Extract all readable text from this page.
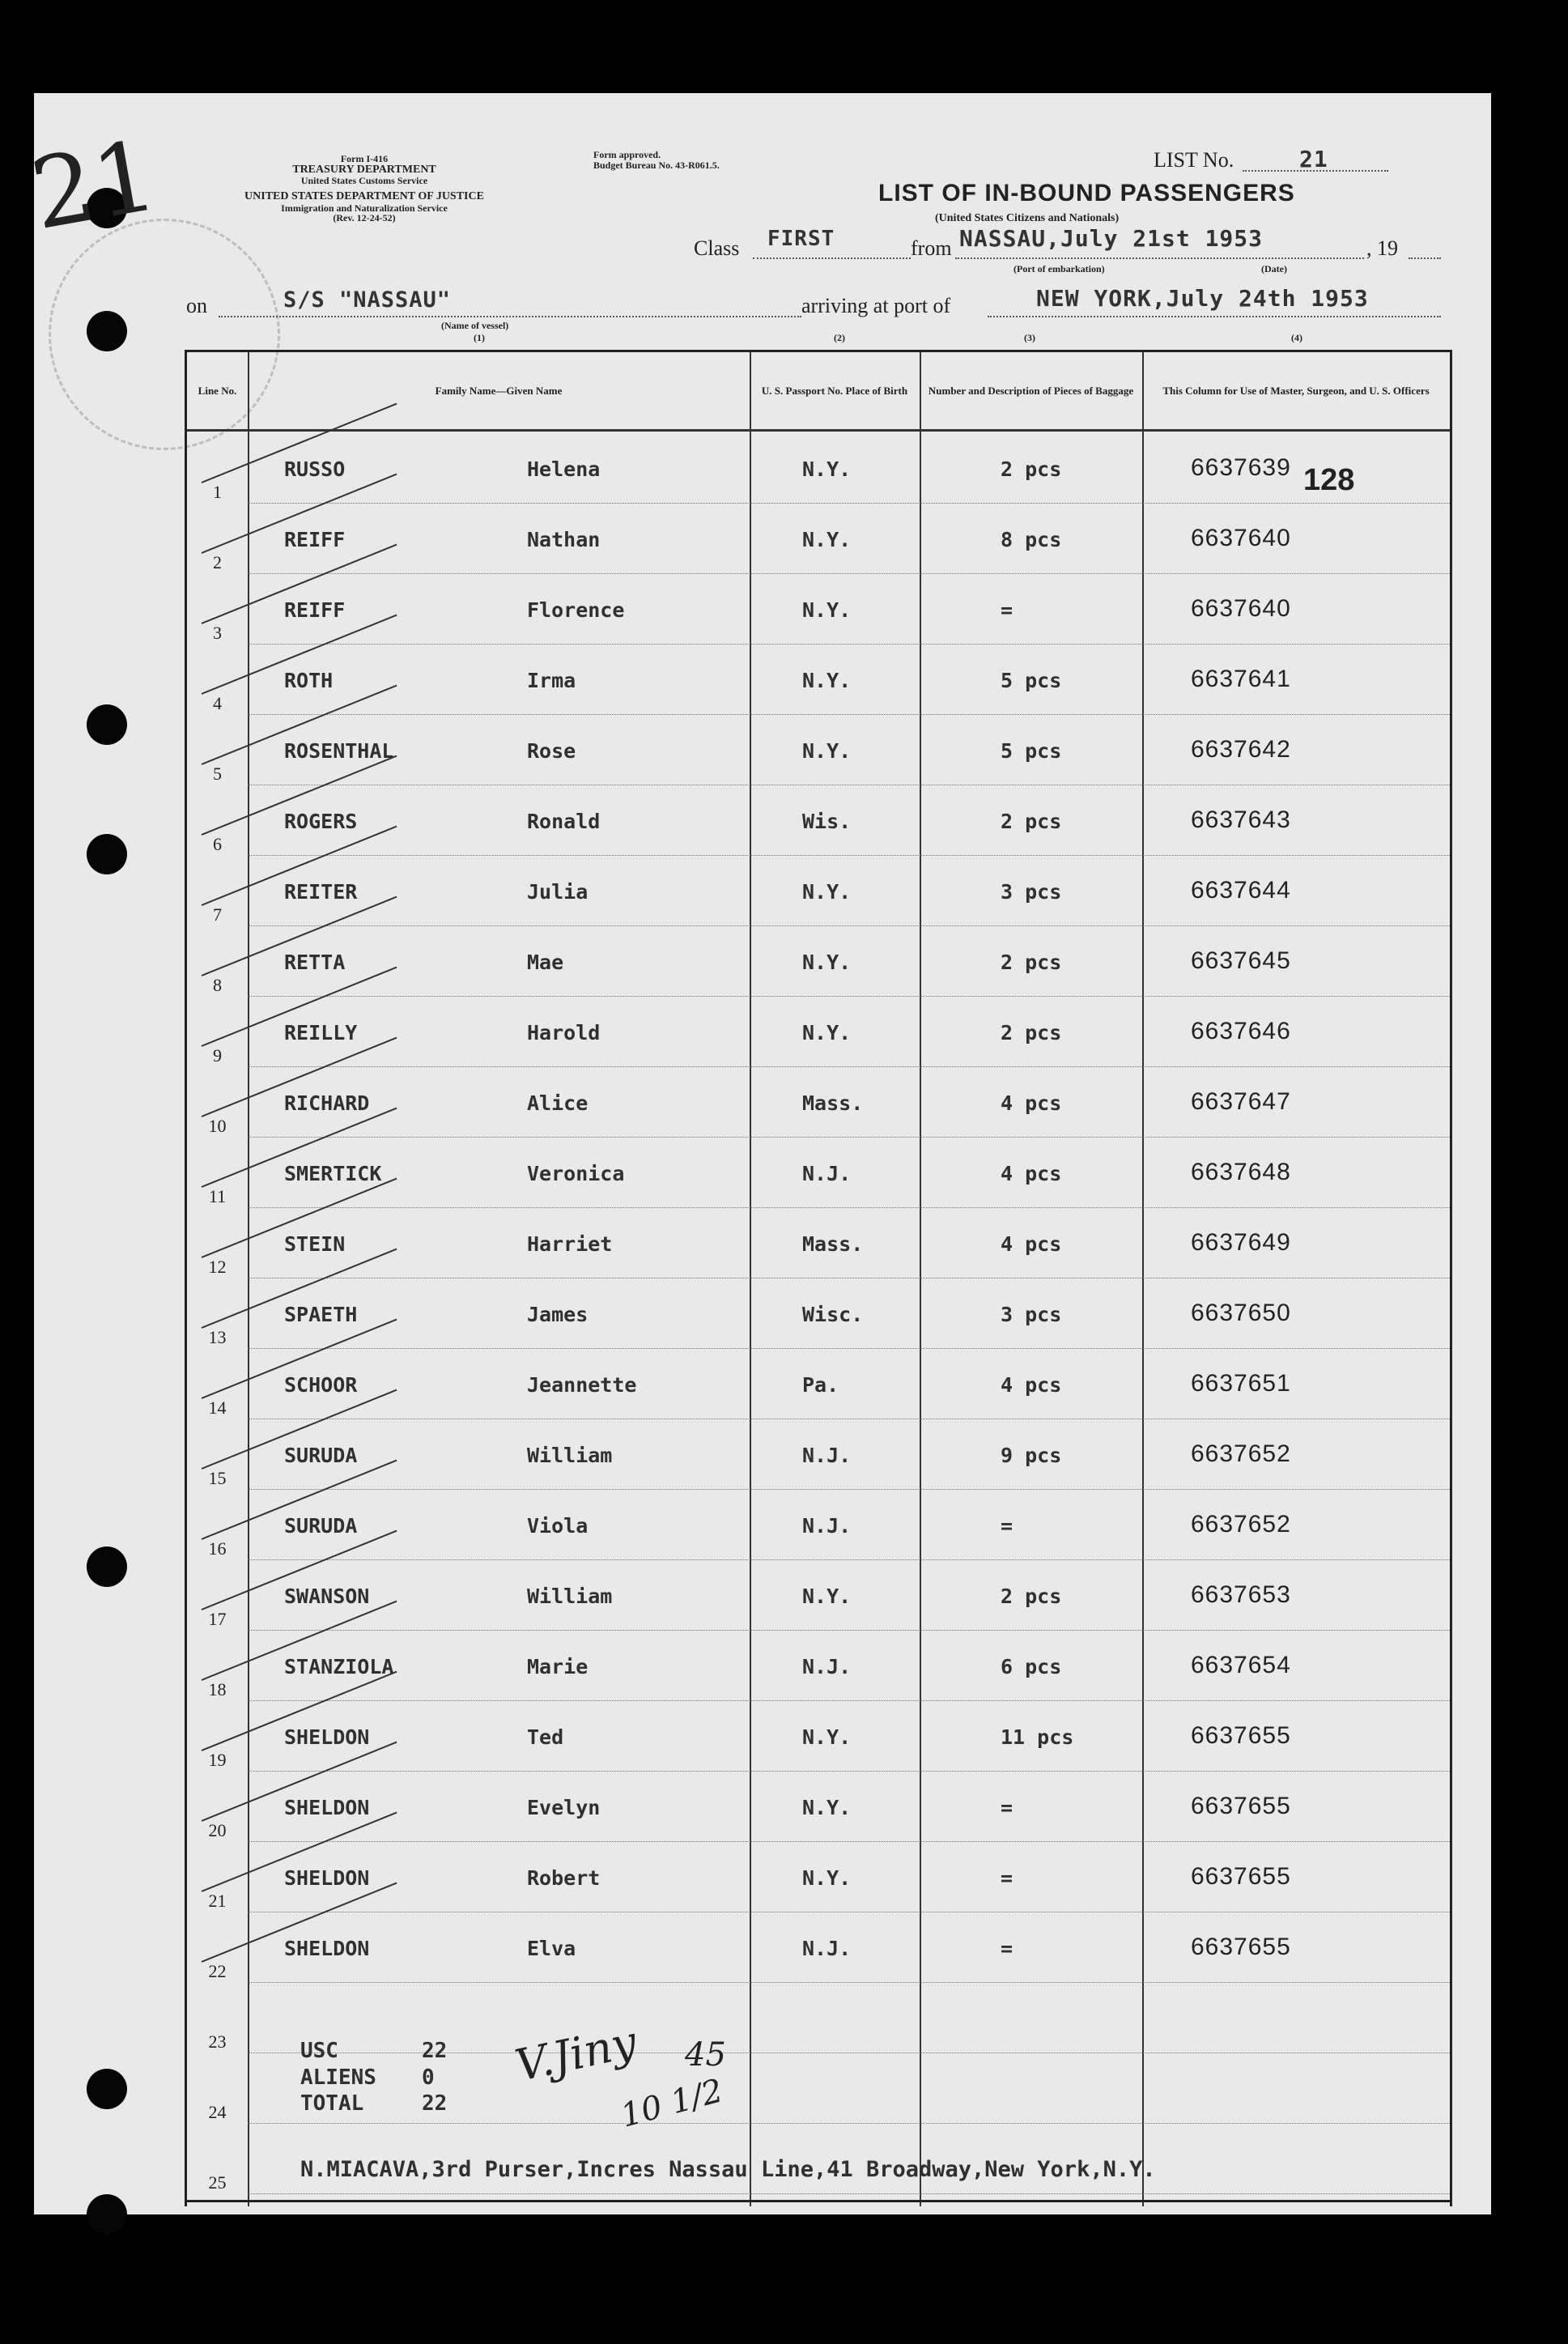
21	Form I-416
TREASURY DEPARTMENT
United States Customs Service
UNITED STATES DEPARTMENT OF JUSTICE
Immigration and Naturalization Service
(Rev. 12-24-52)
Form approved.
Budget Bureau No. 43-R061.5.	LIST No.	21
LIST OF IN-BOUND PASSENGERS
(United States Citizens and Nationals)
Class FIRST	from NASSAU,July 21st 1953	, 19
(Port of embarkation)	(Date)
on	S/S "NASSAU"
(Name of vessel)
(1)
arriving at port of	NEW YORK,July 24th 1953
(2)	(3)	(4)
Line No.	Family Name—Given Name	U. S. Passport No. Place of Birth	Number and Description of Pieces of Baggage	This Column for Use of Master, Surgeon, and U. S. Officers
1
RUSSO	Helena	N.Y.	2 pcs	6637639
2
REIFF	Nathan	N.Y.	8 pcs	6637640
3
REIFF	Florence	N.Y.	=	6637640
4
ROTH	Irma	N.Y.	5 pcs	6637641
5
ROSENTHAL	Rose	N.Y.	5 pcs	6637642
6
ROGERS	Ronald	Wis.	2 pcs	6637643
7
REITER	Julia	N.Y.	3 pcs	6637644
8
RETTA	Mae	N.Y.	2 pcs	6637645
9
REILLY	Harold	N.Y.	2 pcs	6637646
10
RICHARD	Alice	Mass.	4 pcs	6637647
11
SMERTICK	Veronica	N.J.	4 pcs	6637648
12
STEIN	Harriet	Mass.	4 pcs	6637649
13
SPAETH	James	Wisc.	3 pcs	6637650
14
SCHOOR	Jeannette	Pa.	4 pcs	6637651
15
SURUDA	William	N.J.	9 pcs	6637652
16
SURUDA	Viola	N.J.	=	6637652
17
SWANSON	William	N.Y.	2 pcs	6637653
18
STANZIOLA	Marie	N.J.	6 pcs	6637654
19
SHELDON	Ted	N.Y.	11 pcs	6637655
20
SHELDON	Evelyn	N.Y.	=	6637655
21
SHELDON	Robert	N.Y.	=	6637655
22
SHELDON	Elva	N.J.	=	6637655
23
24
25
USC	22
ALIENS 0
TOTAL	22
V.Jiny 45
10 1/2
N.MIACAVA,3rd Purser,Incres Nassau Line,41 Broadway,New York,N.Y.
128
